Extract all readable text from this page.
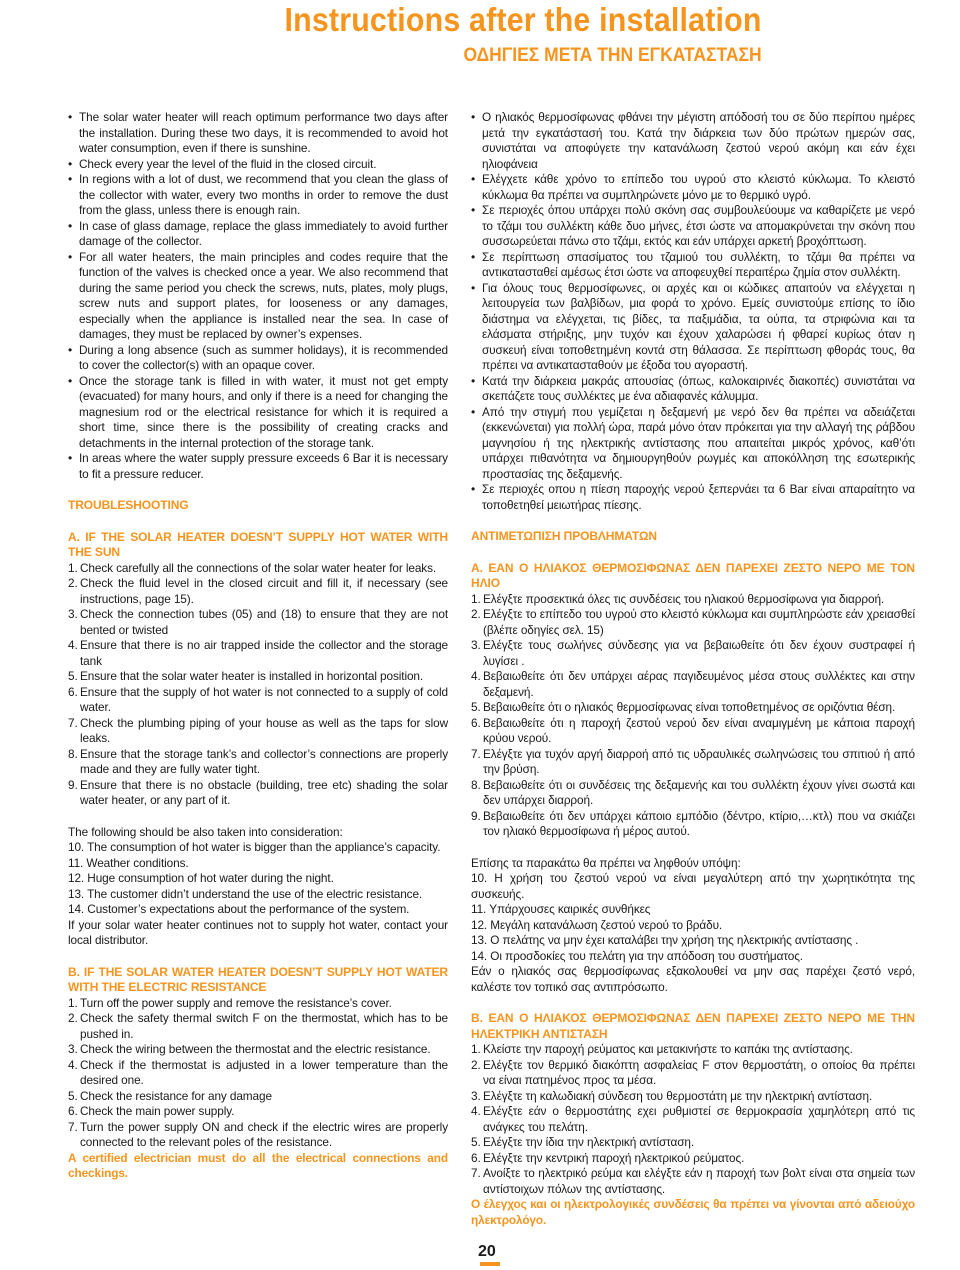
Instructions after the installation
ΟΔΗΓΙΕΣ ΜΕΤΑ ΤΗΝ ΕΓΚΑΤΑΣΤΑΣΗ
• The solar water heater will reach optimum performance two days after the installation. During these two days, it is recommended to avoid hot water consumption, even if there is sunshine.
• Check every year the level of the fluid in the closed circuit.
• In regions with a lot of dust, we recommend that you clean the glass of the collector with water, every two months in order to remove the dust from the glass, unless there is enough rain.
• In case of glass damage, replace the glass immediately to avoid further damage of the collector.
• For all water heaters, the main principles and codes require that the function of the valves is checked once a year. We also recommend that during the same period you check the screws, nuts, plates, moly plugs, screw nuts and support plates, for looseness or any damages, especially when the appliance is installed near the sea. In case of damages, they must be replaced by owner’s expenses.
• During a long absence (such as summer holidays), it is recommended to cover the collector(s) with an opaque cover.
• Once the storage tank is filled in with water, it must not get empty (evacuated) for many hours, and only if there is a need for changing the magnesium rod or the electrical resistance for which it is required a short time, since there is the possibility of creating cracks and detachments in the internal protection of the storage tank.
• In areas where the water supply pressure exceeds 6 Bar it is necessary to fit a pressure reducer.

TROUBLESHOOTING

A. IF THE SOLAR HEATER DOESN’T SUPPLY HOT WATER WITH THE SUN

1. Check carefully all the connections of the solar water heater for leaks.
2. Check the fluid level in the closed circuit and fill it, if necessary (see instructions, page 15).
3. Check the connection tubes (05) and (18) to ensure that they are not bented or twisted
4. Ensure that there is no air trapped inside the collector and the storage tank
5. Ensure that the solar water heater is installed in horizontal position.
6. Ensure that the supply of hot water is not connected to a supply of cold water.
7. Check the plumbing piping of your house as well as the taps for slow leaks.
8. Ensure that the storage tank’s and collector’s connections are properly made and they are fully water tight.
9. Ensure that there is no obstacle (building, tree etc) shading the solar water heater, or any part of it.

The following should be also taken into consideration:

10. The consumption of hot water is bigger than the appliance’s capacity.

11. Weather conditions.

12. Huge consumption of hot water during the night.

13. The customer didn’t understand the use of the electric resistance.

14. Customer’s expectations about the performance of the system.

If your solar water heater continues not to supply hot water, contact your local distributor.

B. IF THE SOLAR WATER HEATER DOESN’T SUPPLY HOT WATER WITH THE ELECTRIC RESISTANCE

1. Turn off the power supply and remove the resistance’s cover.
2. Check the safety thermal switch F on the thermostat, which has to be pushed in.
3. Check the wiring between the thermostat and the electric resistance.
4. Check if the thermostat is adjusted in a lower temperature than the desired one.
5. Check the resistance for any damage
6. Check the main power supply.
7. Turn the power supply ON and check if the electric wires are properly connected to the relevant poles of the resistance.

A certified electrician must do all the electrical connections and checkings.

• Ο ηλιακός θερμοσίφωνας φθάνει την μέγιστη απόδοσή του σε δύο περίπου ημέρες μετά την εγκατάστασή του. Κατά την διάρκεια των δύο πρώτων ημερών σας, συνιστάται να αποφύγετε την κατανάλωση ζεστού νερού ακόμη και εάν έχει ηλιοφάνεια
• Ελέγχετε κάθε χρόνο το επίπεδο του υγρού στο κλειστό κύκλωμα. Το κλειστό κύκλωμα θα πρέπει να συμπληρώνετε μόνο με το θερμικό υγρό.
• Σε περιοχές όπου υπάρχει πολύ σκόνη σας συμβουλεύουμε να καθαρίζετε με νερό το τζάμι του συλλέκτη κάθε δυο μήνες, έτσι ώστε να απομακρύνεται την σκόνη που συσσωρεύεται πάνω στο τζάμι, εκτός και εάν υπάρχει αρκετή βροχόπτωση.
• Σε περίπτωση σπασίματος του τζαμιού του συλλέκτη, το τζάμι θα πρέπει να αντικατασταθεί αμέσως έτσι ώστε να αποφευχθεί περαιτέρω ζημία στον συλλέκτη.
• Για όλους τους θερμοσίφωνες, οι αρχές και οι κώδικες απαιτούν να ελέγχεται η λειτουργεία των βαλβίδων, μια φορά το χρόνο. Εμείς συνιστούμε επίσης το ίδιο διάστημα να ελέγχεται, τις βίδες, τα παξιμάδια, τα ούπα, τα στριφώνια και τα ελάσματα στήριξης, μην τυχόν και έχουν χαλαρώσει ή φθαρεί κυρίως όταν η συσκευή είναι τοποθετημένη κοντά στη θάλασσα. Σε περίπτωση φθοράς τους, θα πρέπει να αντικατασταθούν με έξοδα του αγοραστή.
• Κατά την διάρκεια μακράς απουσίας (όπως, καλοκαιρινές διακοπές) συνιστάται να σκεπάζετε τους συλλέκτες με ένα αδιαφανές κάλυμμα.
• Από την στιγμή που γεμίζεται η δεξαμενή με νερό δεν θα πρέπει να αδειάζεται (εκκενώνεται) για πολλή ώρα, παρά μόνο όταν πρόκειται για την αλλαγή της ράβδου μαγνησίου ή της ηλεκτρικής αντίστασης που απαιτείται μικρός χρόνος, καθ’ότι υπάρχει πιθανότητα να δημιουργηθούν ρωγμές και αποκόλληση της εσωτερικής προστασίας της δεξαμενής.
• Σε περιοχές οπου η πίεση παροχής νερού ξεπερνάει τα 6 Bar είναι απαραίτητο να τοποθετηθεί μειωτήρας πίεσης.

ΑΝΤΙΜΕΤΩΠΙΣΗ ΠΡΟΒΛΗΜΑΤΩΝ

A. ΕΑΝ Ο ΗΛΙΑΚΟΣ ΘΕΡΜΟΣΙΦΩΝΑΣ ΔΕΝ ΠΑΡΕΧΕΙ ΖΕΣΤΟ ΝΕΡΟ ΜΕ ΤΟΝ ΗΛΙΟ

1. Ελέγξτε προσεκτικά όλες τις συνδέσεις του ηλιακού θερμοσίφωνα για διαρροή.
2. Ελέγξτε το επίπεδο του υγρού στο κλειστό κύκλωμα και συμπληρώστε εάν χρειασθεί (βλέπε οδηγίες σελ. 15)
3. Ελέγξτε τους σωλήνες σύνδεσης για να βεβαιωθείτε ότι δεν έχουν συστραφεί ή λυγίσει .
4. Βεβαιωθείτε ότι δεν υπάρχει αέρας παγιδευμένος μέσα στους συλλέκτες και στην δεξαμενή.
5. Βεβαιωθείτε ότι ο ηλιακός θερμοσίφωνας είναι τοποθετημένος σε οριζόντια θέση.
6. Βεβαιωθείτε ότι η παροχή ζεστού νερού δεν είναι αναμιγμένη με κάποια παροχή κρύου νερού.
7. Ελέγξτε για τυχόν αργή διαρροή από τις υδραυλικές σωληνώσεις του σπιτιού ή από την βρύση.
8. Βεβαιωθείτε ότι οι συνδέσεις της δεξαμενής και του συλλέκτη έχουν γίνει σωστά και δεν υπάρχει διαρροή.
9. Βεβαιωθείτε ότι δεν υπάρχει κάποιο εμπόδιο (δέντρο, κτίριο,…κτλ) που να σκιάζει τον ηλιακό θερμοσίφωνα ή μέρος αυτού.

Επίσης τα παρακάτω θα πρέπει να ληφθούν υπόψη:

10. Η χρήση του ζεστού νερού να είναι μεγαλύτερη από την χωρητικότητα της συσκευής.

11. Υπάρχουσες καιρικές συνθήκες

12. Μεγάλη κατανάλωση ζεστού νερού το βράδυ.

13. Ο πελάτης να μην έχει καταλάβει την χρήση της ηλεκτρικής αντίστασης .

14. Οι προσδοκίες του πελάτη για την απόδοση του συστήματος.

Εάν ο ηλιακός σας θερμοσίφωνας εξακολουθεί να μην σας παρέχει ζεστό νερό, καλέστε τον τοπικό σας αντιπρόσωπο.

B. ΕΑΝ Ο ΗΛΙΑΚΟΣ ΘΕΡΜΟΣΙΦΩΝΑΣ ΔΕΝ ΠΑΡΕΧΕΙ ΖΕΣΤΟ ΝΕΡΟ ΜΕ ΤΗΝ ΗΛΕΚΤΡΙΚΗ ΑΝΤΙΣΤΑΣΗ

1. Κλείστε την παροχή ρεύματος και μετακινήστε το καπάκι της αντίστασης.
2. Ελέγξτε τον θερμικό διακόπτη ασφαλείας F στον θερμοστάτη, ο οποίος θα πρέπει να είναι πατημένος προς τα μέσα.
3. Ελέγξτε τη καλωδιακή σύνδεση του θερμοστάτη με την ηλεκτρική αντίσταση.
4. Ελέγξτε εάν ο θερμοστάτης εχει ρυθμιστεί σε θερμοκρασία χαμηλότερη από τις ανάγκες του πελάτη.
5. Ελέγξτε την ίδια την ηλεκτρική αντίσταση.
6. Ελέγξτε την κεντρική παροχή ηλεκτρικού ρεύματος.
7. Ανοίξτε το ηλεκτρικό ρεύμα και ελέγξτε εάν η παροχή των βολτ είναι στα σημεία των αντίστοιχων πόλων της αντίστασης.

Ο έλεγχος και οι ηλεκτρολογικές συνδέσεις θα πρέπει να γίνονται από αδειούχο ηλεκτρολόγο.

20
